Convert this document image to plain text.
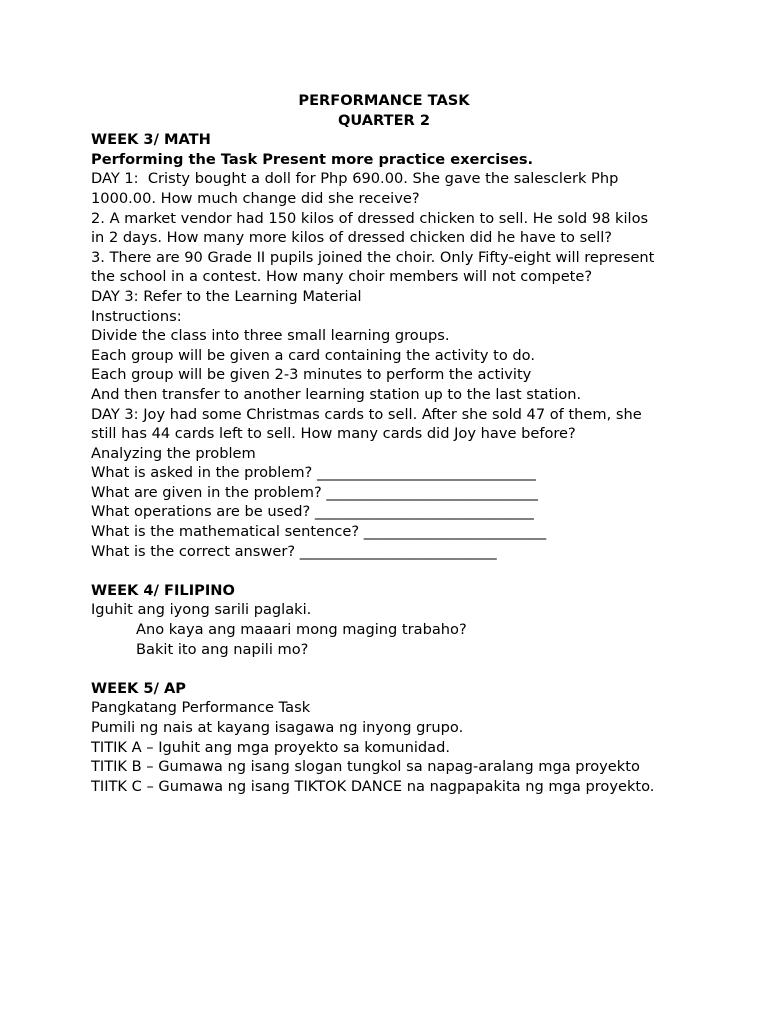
PERFORMANCE TASK
QUARTER 2
WEEK 3/ MATH
Performing the Task Present more practice exercises.
DAY 1:  Cristy bought a doll for Php 690.00. She gave the salesclerk Php
1000.00. How much change did she receive?
2. A market vendor had 150 kilos of dressed chicken to sell. He sold 98 kilos
in 2 days. How many more kilos of dressed chicken did he have to sell?
3. There are 90 Grade II pupils joined the choir. Only Fifty-eight will represent
the school in a contest. How many choir members will not compete?
DAY 3: Refer to the Learning Material
Instructions:
Divide the class into three small learning groups.
Each group will be given a card containing the activity to do.
Each group will be given 2-3 minutes to perform the activity
And then transfer to another learning station up to the last station.
DAY 3: Joy had some Christmas cards to sell. After she sold 47 of them, she
still has 44 cards left to sell. How many cards did Joy have before?
Analyzing the problem
What is asked in the problem? ______________________________
What are given in the problem? _____________________________
What operations are be used? ______________________________
What is the mathematical sentence? _________________________
What is the correct answer? ___________________________
WEEK 4/ FILIPINO
Iguhit ang iyong sarili paglaki.
Ano kaya ang maaari mong maging trabaho?
Bakit ito ang napili mo?
WEEK 5/ AP
Pangkatang Performance Task
Pumili ng nais at kayang isagawa ng inyong grupo.
TITIK A – Iguhit ang mga proyekto sa komunidad.
TITIK B – Gumawa ng isang slogan tungkol sa napag-aralang mga proyekto
TIITK C – Gumawa ng isang TIKTOK DANCE na nagpapakita ng mga proyekto.
